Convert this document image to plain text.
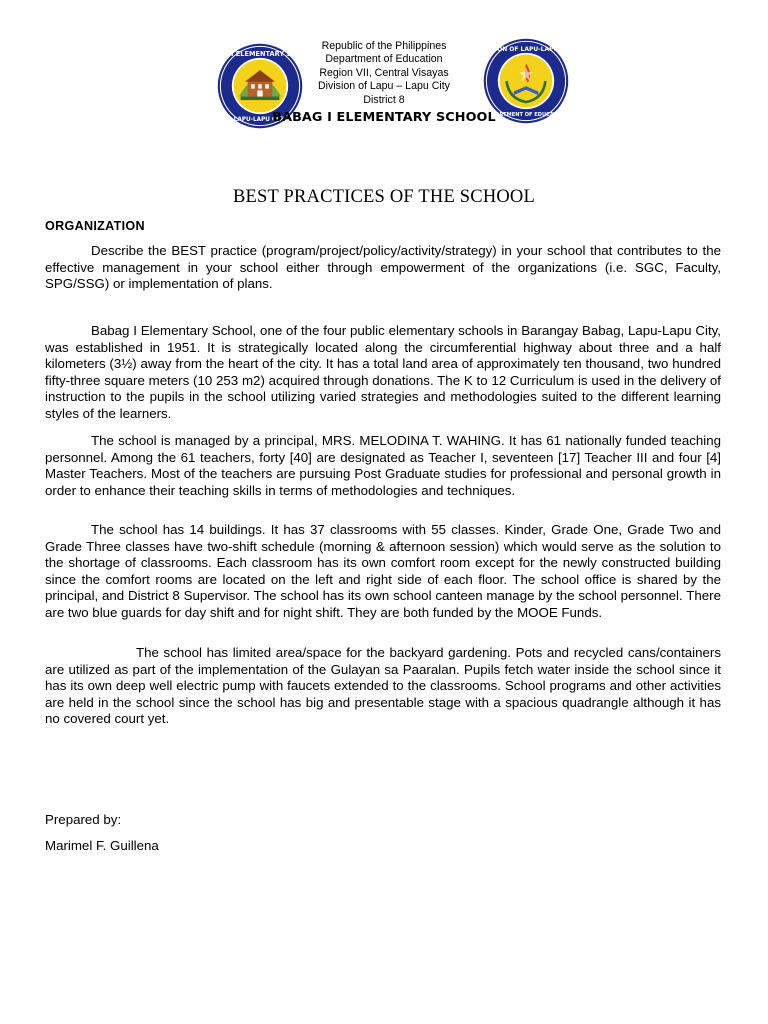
BABAG I ELEMENTARY SCHOOL
LAPU-LAPU CITY
Republic of the Philippines
Department of Education
Region VII, Central Visayas
Division of Lapu – Lapu City
District 8
DIVISION OF LAPU-LAPU CITY
DEPARTMENT OF EDUCATION
BABAG I ELEMENTARY SCHOOL
BEST PRACTICES OF THE SCHOOL
ORGANIZATION

Describe the BEST practice (program/project/policy/activity/strategy) in your school that contributes to the effective management in your school either through empowerment of the organizations (i.e. SGC, Faculty, SPG/SSG) or implementation of plans.

Babag I Elementary School, one of the four public elementary schools in Barangay Babag, Lapu-Lapu City, was established in 1951. It is strategically located along the circumferential highway about three and a half kilometers (3½) away from the heart of the city. It has a total land area of approximately ten thousand, two hundred fifty-three square meters (10 253 m2) acquired through donations. The K to 12 Curriculum is used in the delivery of instruction to the pupils in the school utilizing varied strategies and methodologies suited to the different learning styles of the learners.

The school is managed by a principal, MRS. MELODINA T. WAHING. It has 61 nationally funded teaching personnel. Among the 61 teachers, forty [40] are designated as Teacher I, seventeen [17] Teacher III and four [4] Master Teachers. Most of the teachers are pursuing Post Graduate studies for professional and personal growth in order to enhance their teaching skills in terms of methodologies and techniques.

The school has 14 buildings. It has 37 classrooms with 55 classes. Kinder, Grade One, Grade Two and Grade Three classes have two-shift schedule (morning & afternoon session) which would serve as the solution to the shortage of classrooms. Each classroom has its own comfort room except for the newly constructed building since the comfort rooms are located on the left and right side of each floor. The school office is shared by the principal, and District 8 Supervisor. The school has its own school canteen manage by the school personnel. There are two blue guards for day shift and for night shift. They are both funded by the MOOE Funds.

The school has limited area/space for the backyard gardening. Pots and recycled cans/containers are utilized as part of the implementation of the Gulayan sa Paaralan. Pupils fetch water inside the school since it has its own deep well electric pump with faucets extended to the classrooms. School programs and other activities are held in the school since the school has big and presentable stage with a spacious quadrangle although it has no covered court yet.

Prepared by:
Marimel F. Guillena
